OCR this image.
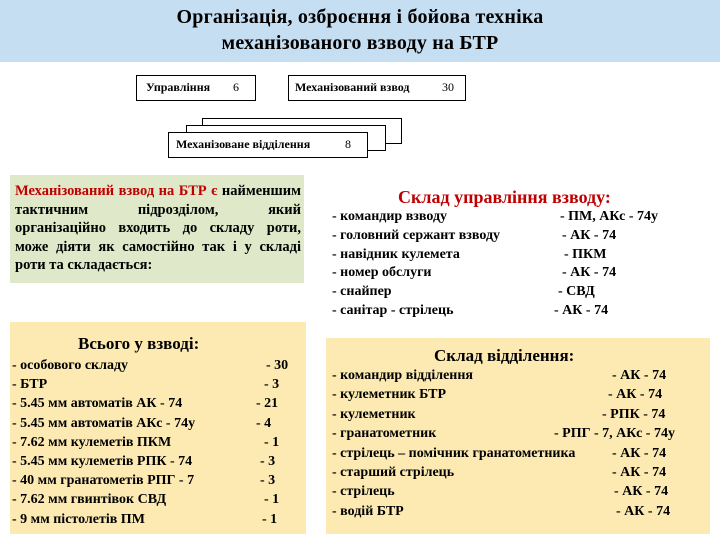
Організація, озброєння і бойова техніка
механізованого взводу на БТР
Управління 6	Механізований взвод	30
Механізоване відділення	8
Механізований взвод на БТР є найменшим тактичним підрозділом, який організаційно входить до складу роти, може діяти як самостійно так і у складі роти та складається:
Всього у взводі:
- особового складу	- 30
- БТР	- 3
- 5.45 мм автоматів АК - 74	- 21
- 5.45 мм автоматів АКс - 74у	- 4
- 7.62 мм кулеметів ПКМ	- 1
- 5.45 мм кулеметів РПК - 74	- 3
- 40 мм гранатометів РПГ - 7	- 3
- 7.62 мм гвинтівок СВД	- 1
- 9 мм пістолетів ПМ	- 1
Склад управління взводу:
- командир взводу	- ПМ, АКс - 74у
- головний сержант взводу	- АК - 74
- навідник кулемета	- ПКМ
- номер обслуги	- АК - 74
- снайпер	- СВД
- санітар - стрілець	- АК - 74
Склад відділення:
- командир відділення	- АК - 74
- кулеметник БТР	- АК - 74
- кулеметник	- РПК - 74
- гранатометник	- РПГ - 7, АКс - 74у
- стрілець – помічник гранатометника	- АК - 74
- старший стрілець	- АК - 74
- стрілець	- АК - 74
- водій БТР	- АК - 74
